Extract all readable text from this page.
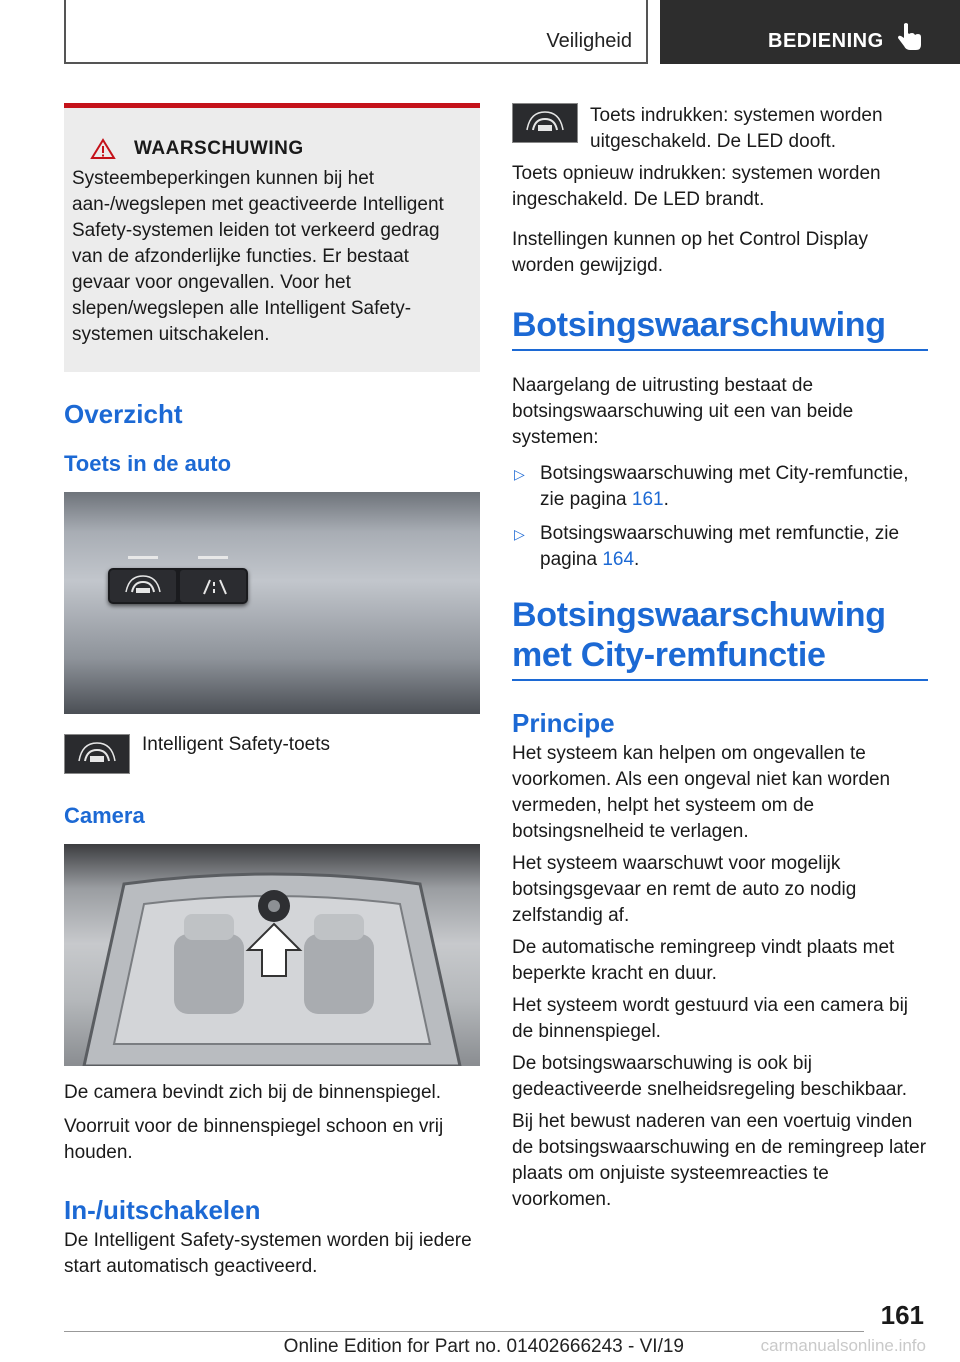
Veiligheid	BEDIENING
WAARSCHUWING

Systeembeperkingen kunnen bij het aan-/wegslepen met geactiveerde Intelligent Safety-systemen leiden tot verkeerd gedrag van de afzonderlijke functies. Er bestaat gevaar voor ongevallen. Voor het slepen/wegslepen alle Intelligent Safety-systemen uitschakelen.

Overzicht
Toets in de auto

Intelligent Safety-toets

Camera

De camera bevindt zich bij de binnenspiegel.

Voorruit voor de binnenspiegel schoon en vrij houden.

In-/uitschakelen

De Intelligent Safety-systemen worden bij iedere start automatisch geactiveerd.

Toets indrukken: systemen worden uitgeschakeld. De LED dooft.

Toets opnieuw indrukken: systemen worden ingeschakeld. De LED brandt.

Instellingen kunnen op het Control Display worden gewijzigd.

Botsingswaarschuwing

Naargelang de uitrusting bestaat de botsingswaarschuwing uit een van beide systemen:

▷ Botsingswaarschuwing met City-remfunctie, zie pagina 161.
▷ Botsingswaarschuwing met remfunctie, zie pagina 164.
Botsingswaarschuwing met City-remfunctie
Principe

Het systeem kan helpen om ongevallen te voorkomen. Als een ongeval niet kan worden vermeden, helpt het systeem om de botsingsnelheid te verlagen.

Het systeem waarschuwt voor mogelijk botsingsgevaar en remt de auto zo nodig zelfstandig af.

De automatische remingreep vindt plaats met beperkte kracht en duur.

Het systeem wordt gestuurd via een camera bij de binnenspiegel.

De botsingswaarschuwing is ook bij gedeactiveerde snelheidsregeling beschikbaar.

Bij het bewust naderen van een voertuig vinden de botsingswaarschuwing en de remingreep later plaats om onjuiste systeemreacties te voorkomen.

161
Online Edition for Part no. 01402666243 - VI/19	carmanualsonline.info
